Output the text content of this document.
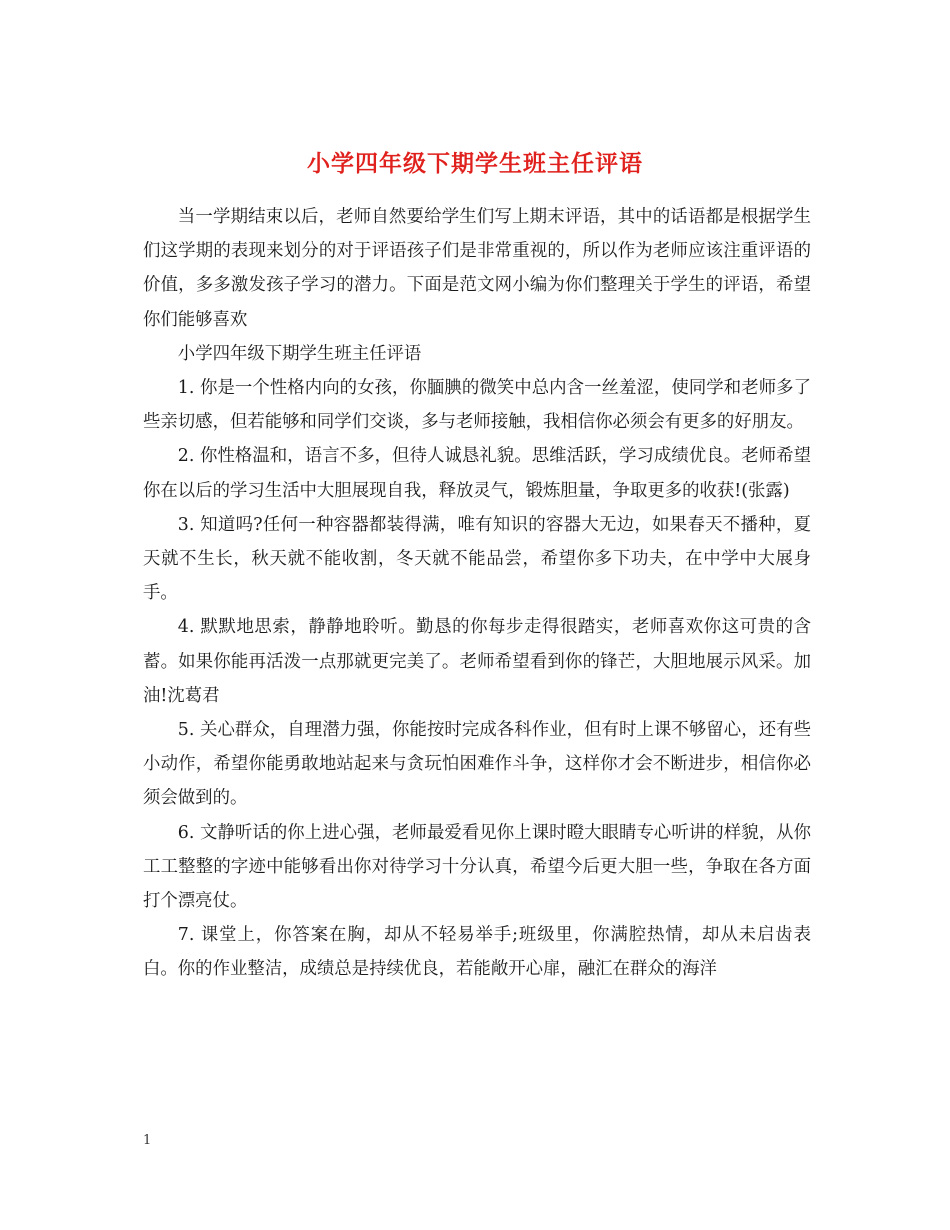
小学四年级下期学生班主任评语

当一学期结束以后，老师自然要给学生们写上期末评语，其中的话语都是根据学生们这学期的表现来划分的对于评语孩子们是非常重视的，所以作为老师应该注重评语的价值，多多激发孩子学习的潜力。下面是范文网小编为你们整理关于学生的评语，希望你们能够喜欢

小学四年级下期学生班主任评语

1. 你是一个性格内向的女孩，你腼腆的微笑中总内含一丝羞涩，使同学和老师多了些亲切感，但若能够和同学们交谈，多与老师接触，我相信你必须会有更多的好朋友。

2. 你性格温和，语言不多，但待人诚恳礼貌。思维活跃，学习成绩优良。老师希望你在以后的学习生活中大胆展现自我，释放灵气，锻炼胆量，争取更多的收获!(张露)

3. 知道吗?任何一种容器都装得满，唯有知识的容器大无边，如果春天不播种，夏天就不生长，秋天就不能收割，冬天就不能品尝，希望你多下功夫，在中学中大展身手。

4. 默默地思索，静静地聆听。勤恳的你每步走得很踏实，老师喜欢你这可贵的含蓄。如果你能再活泼一点那就更完美了。老师希望看到你的锋芒，大胆地展示风采。加油!沈葛君

5. 关心群众，自理潜力强，你能按时完成各科作业，但有时上课不够留心，还有些小动作，希望你能勇敢地站起来与贪玩怕困难作斗争，这样你才会不断进步，相信你必须会做到的。

6. 文静听话的你上进心强，老师最爱看见你上课时瞪大眼睛专心听讲的样貌，从你工工整整的字迹中能够看出你对待学习十分认真，希望今后更大胆一些，争取在各方面打个漂亮仗。

7. 课堂上，你答案在胸，却从不轻易举手;班级里，你满腔热情，却从未启齿表白。你的作业整洁，成绩总是持续优良，若能敞开心扉，融汇在群众的海洋

1
